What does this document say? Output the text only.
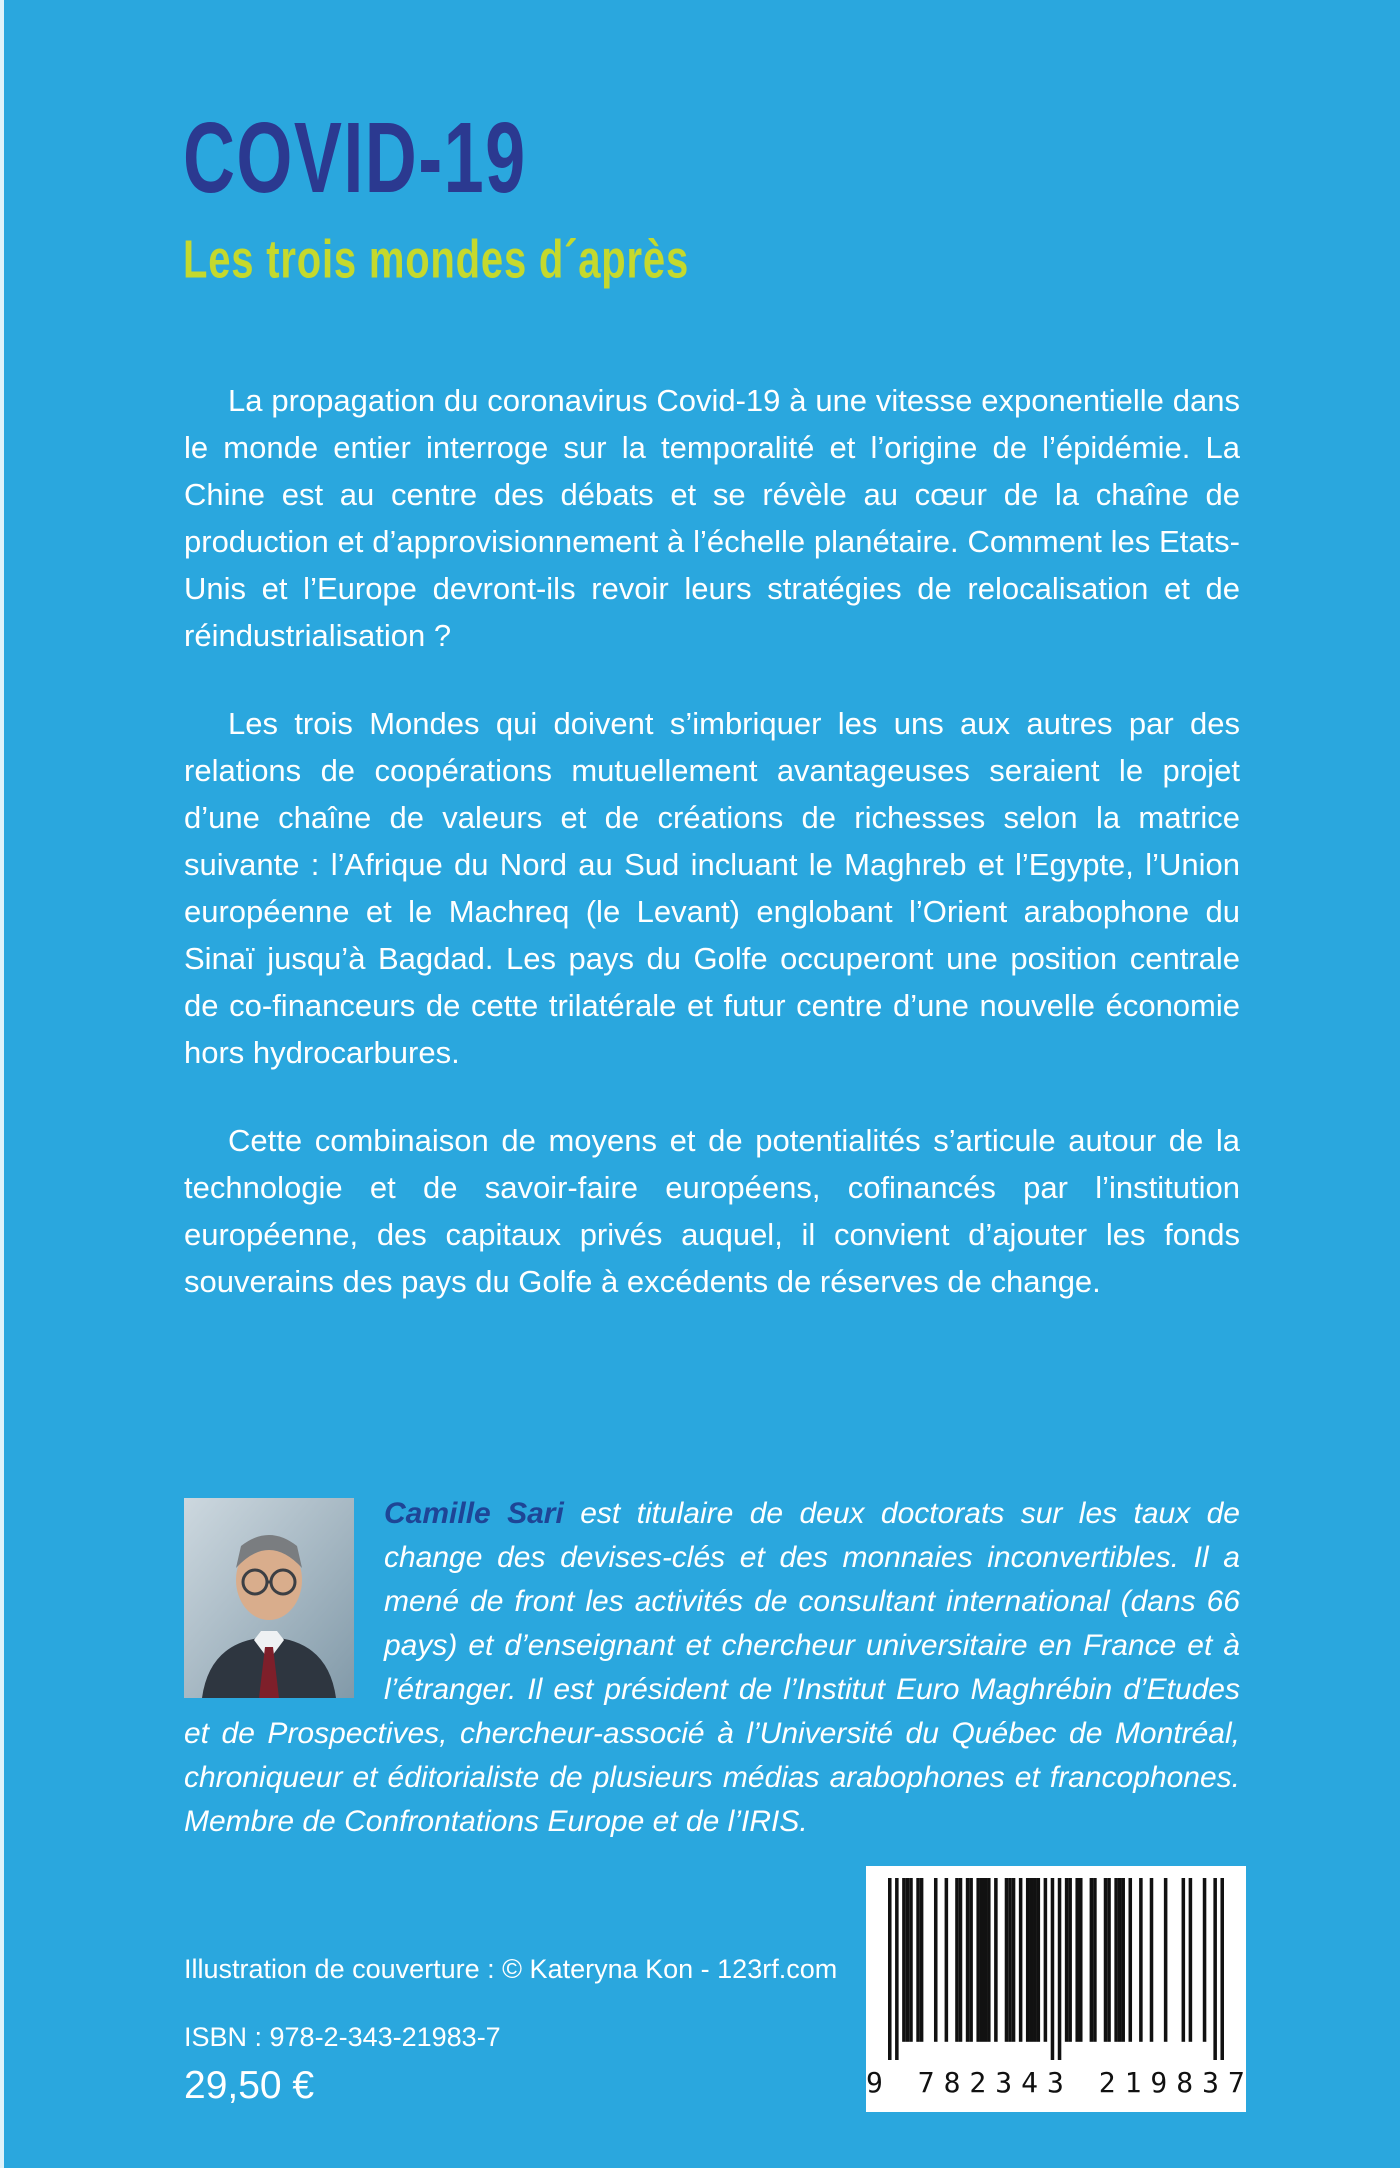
COVID-19
Les trois mondes d´après

La propagation du coronavirus Covid-19 à une vitesse exponentielle dans le monde entier interroge sur la temporalité et l’origine de l’épidémie. La Chine est au centre des débats et se révèle au cœur de la chaîne de production et d’approvisionnement à l’échelle planétaire. Comment les Etats-Unis et l’Europe devront-ils revoir leurs stratégies de relocalisation et de réindustrialisation ?

Les trois Mondes qui doivent s’imbriquer les uns aux autres par des relations de coopérations mutuellement avantageuses seraient le projet d’une chaîne de valeurs et de créations de richesses selon la matrice suivante : l’Afrique du Nord au Sud incluant le Maghreb et l’Egypte, l’Union européenne et le Machreq (le Levant) englobant l’Orient arabophone du Sinaï jusqu’à Bagdad. Les pays du Golfe occuperont une position centrale de co-financeurs de cette trilatérale et futur centre d’une nouvelle économie hors hydrocarbures.

Cette combinaison de moyens et de potentialités s’articule autour de la technologie et de savoir-faire européens, cofinancés par l’institution européenne, des capitaux privés auquel, il convient d’ajouter les fonds souverains des pays du Golfe à excédents de réserves de change.

Camille Sari est titulaire de deux doctorats sur les taux de change des devises-clés et des monnaies inconvertibles. Il a mené de front les activités de consultant international (dans 66 pays) et d’enseignant et chercheur universitaire en France et à l’étranger. Il est président de l’Institut Euro Maghrébin d’Etudes et de Prospectives, chercheur-associé à l’Université du Québec de Montréal, chroniqueur et éditorialiste de plusieurs médias arabophones et francophones. Membre de Confrontations Europe et de l’IRIS.

Illustration de couverture : © Kateryna Kon - 123rf.com
ISBN : 978-2-343-21983-7
29,50 €	9 782343 219837
